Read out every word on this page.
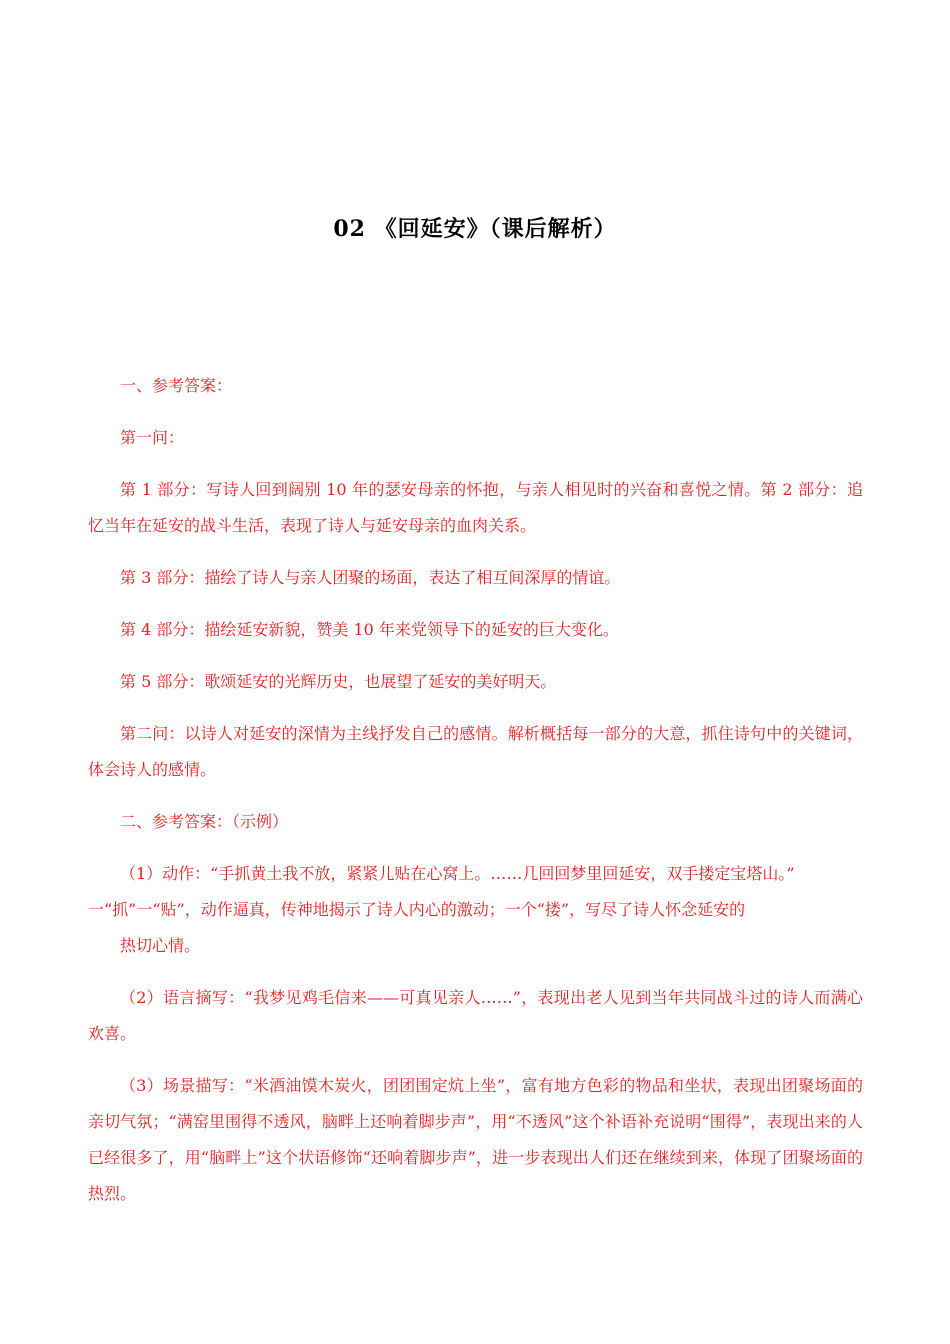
02 《回延安》（课后解析）

一、参考答案：

第一问：

第 1 部分：写诗人回到阔别 10 年的瑟安母亲的怀抱，与亲人相见时的兴奋和喜悦之情。第 2 部分：追忆当年在延安的战斗生活，表现了诗人与延安母亲的血肉关系。

第 3 部分：描绘了诗人与亲人团聚的场面，表达了相互间深厚的情谊。

第 4 部分：描绘延安新貌，赞美 10 年来党领导下的延安的巨大变化。

第 5 部分：歌颂延安的光辉历史，也展望了延安的美好明天。

第二问：以诗人对延安的深情为主线抒发自己的感情。解析概括每一部分的大意，抓住诗句中的关键词，体会诗人的感情。

二、参考答案：（示例）

（1）动作：“手抓黄土我不放，紧紧儿贴在心窝上。……几回回梦里回延安，双手搂定宝塔山。”
一“抓”一“贴”，动作逼真，传神地揭示了诗人内心的激动；一个“搂”，写尽了诗人怀念延安的
热切心情。

（2）语言摘写：“我梦见鸡毛信来——可真见亲人……”，表现出老人见到当年共同战斗过的诗人而满心欢喜。

（3）场景描写：“米酒油馍木炭火，团团围定炕上坐”，富有地方色彩的物品和坐状，表现出团聚场面的亲切气氛；“满窑里围得不透风，脑畔上还响着脚步声”，用“不透风”这个补语补充说明“围得”，表现出来的人已经很多了，用“脑畔上”这个状语修饰“还响着脚步声”，进一步表现出人们还在继续到来，体现了团聚场面的热烈。
